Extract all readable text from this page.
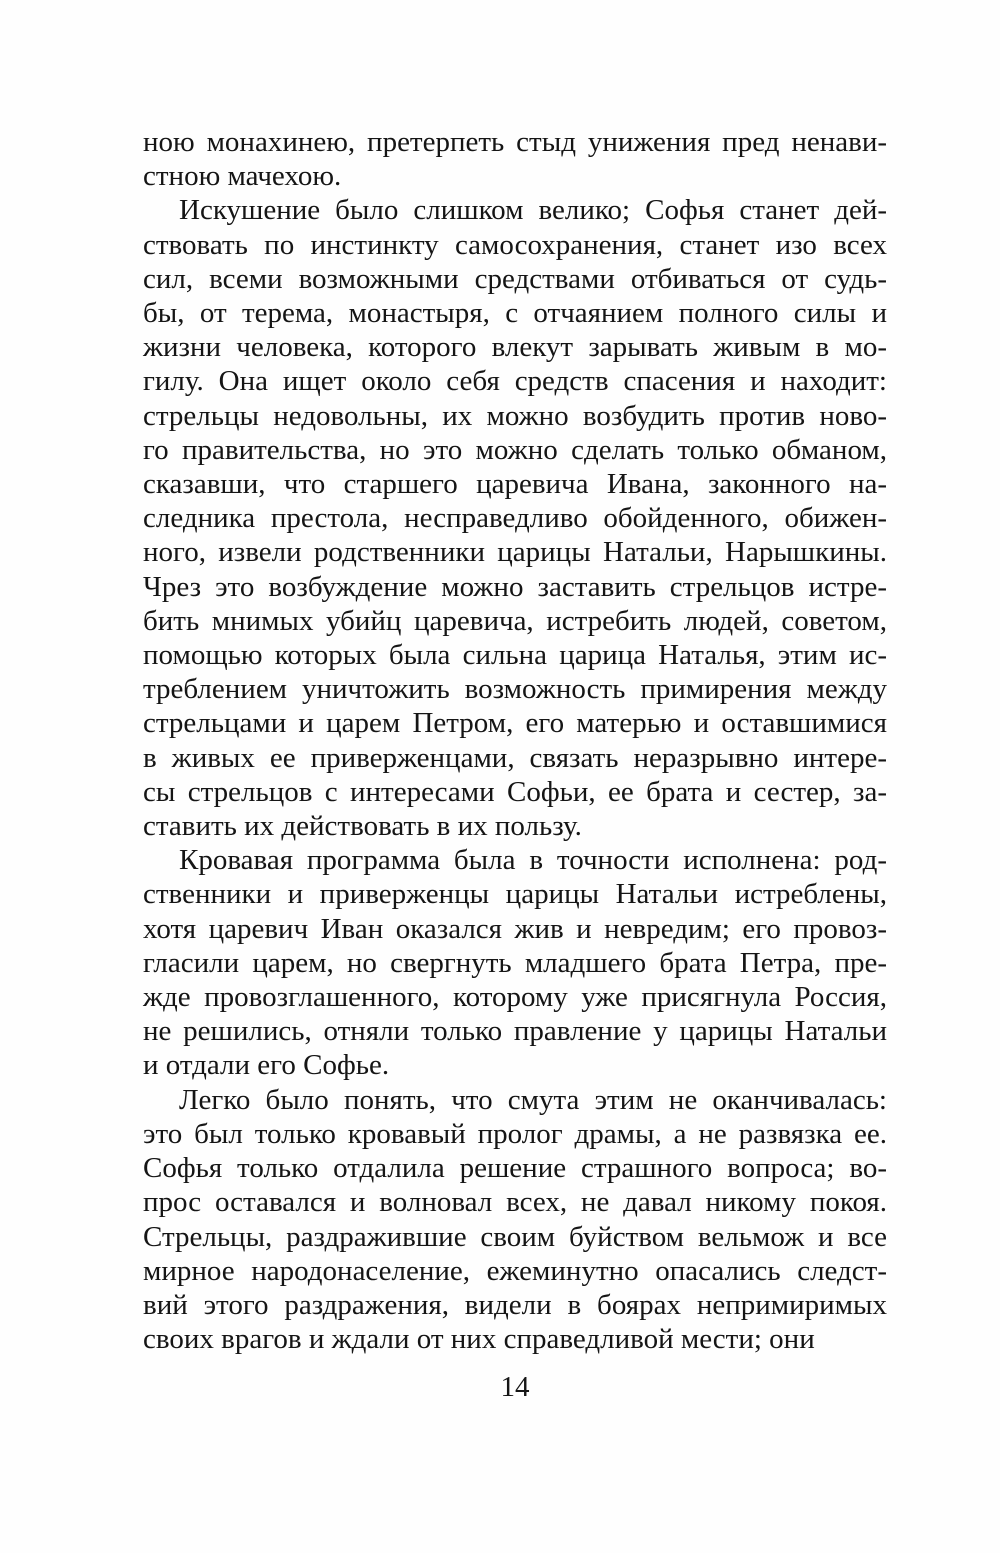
ною монахинею, претерпеть стыд унижения пред ненави-
стною мачехою.
Искушение было слишком велико; Софья станет дей-
ствовать по инстинкту самосохранения, станет изо всех
сил, всеми возможными средствами отбиваться от судь-
бы, от терема, монастыря, с отчаянием полного силы и
жизни человека, которого влекут зарывать живым в мо-
гилу. Она ищет около себя средств спасения и находит:
стрельцы недовольны, их можно возбудить против ново-
го правительства, но это можно сделать только обманом,
сказавши, что старшего царевича Ивана, законного на-
следника престола, несправедливо обойденного, обижен-
ного, извели родственники царицы Натальи, Нарышкины.
Чрез это возбуждение можно заставить стрельцов истре-
бить мнимых убийц царевича, истребить людей, советом,
помощью которых была сильна царица Наталья, этим ис-
треблением уничтожить возможность примирения между
стрельцами и царем Петром, его матерью и оставшимися
в живых ее приверженцами, связать неразрывно интере-
сы стрельцов с интересами Софьи, ее брата и сестер, за-
ставить их действовать в их пользу.
Кровавая программа была в точности исполнена: род-
ственники и приверженцы царицы Натальи истреблены,
хотя царевич Иван оказался жив и невредим; его провоз-
гласили царем, но свергнуть младшего брата Петра, пре-
жде провозглашенного, которому уже присягнула Россия,
не решились, отняли только правление у царицы Натальи
и отдали его Софье.
Легко было понять, что смута этим не оканчивалась:
это был только кровавый пролог драмы, а не развязка ее.
Софья только отдалила решение страшного вопроса; во-
прос оставался и волновал всех, не давал никому покоя.
Стрельцы, раздражившие своим буйством вельмож и все
мирное народонаселение, ежеминутно опасались следст-
вий этого раздражения, видели в боярах непримиримых
своих врагов и ждали от них справедливой мести; они
14
